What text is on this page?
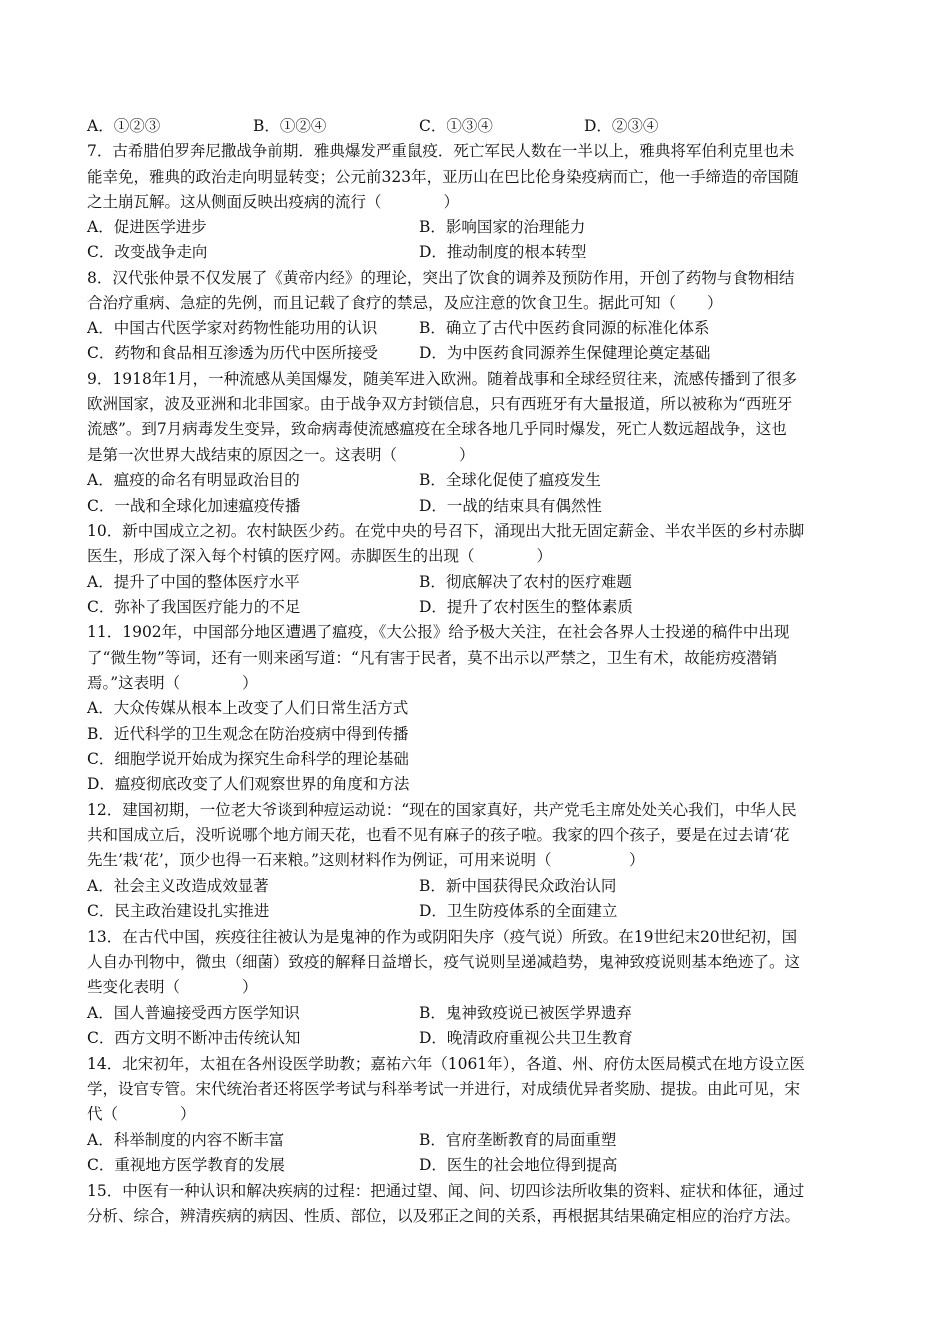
A．①②③	B．①②④	C．①③④	D．②③④
7．古希腊伯罗奔尼撒战争前期．雅典爆发严重鼠疫．死亡军民人数在一半以上，雅典将军伯利克里也未
能幸免，雅典的政治走向明显转变；公元前323年，亚历山在巴比伦身染疫病而亡，他一手缔造的帝国随
之土崩瓦解。这从侧面反映出疫病的流行（　　　　）
A．促进医学进步	B．影响国家的治理能力
C．改变战争走向	D．推动制度的根本转型
8．汉代张仲景不仅发展了《黄帝内经》的理论，突出了饮食的调养及预防作用，开创了药物与食物相结
合治疗重病、急症的先例，而且记载了食疗的禁忌，及应注意的饮食卫生。据此可知（　　）
A．中国古代医学家对药物性能功用的认识	B．确立了古代中医药食同源的标准化体系
C．药物和食品相互渗透为历代中医所接受	D．为中医药食同源养生保健理论奠定基础
9．1918年1月，一种流感从美国爆发，随美军进入欧洲。随着战事和全球经贸往来，流感传播到了很多
欧洲国家，波及亚洲和北非国家。由于战争双方封锁信息，只有西班牙有大量报道，所以被称为“西班牙
流感”。到7月病毒发生变异，致命病毒使流感瘟疫在全球各地几乎同时爆发，死亡人数远超战争，这也
是第一次世界大战结束的原因之一。这表明（　　　　）
A．瘟疫的命名有明显政治目的	B．全球化促使了瘟疫发生
C．一战和全球化加速瘟疫传播	D．一战的结束具有偶然性
10．新中国成立之初。农村缺医少药。在党中央的号召下，涌现出大批无固定薪金、半农半医的乡村赤脚
医生，形成了深入每个村镇的医疗网。赤脚医生的出现（　　　　）
A．提升了中国的整体医疗水平	B．彻底解决了农村的医疗难题
C．弥补了我国医疗能力的不足	D．提升了农村医生的整体素质
11．1902年，中国部分地区遭遇了瘟疫，《大公报》给予极大关注，在社会各界人士投递的稿件中出现
了“微生物”等词，还有一则来函写道：“凡有害于民者，莫不出示以严禁之，卫生有术，故能疠疫潜销
焉。”这表明（　　　　）
A．大众传媒从根本上改变了人们日常生活方式
B．近代科学的卫生观念在防治疫病中得到传播
C．细胞学说开始成为探究生命科学的理论基础
D．瘟疫彻底改变了人们观察世界的角度和方法
12．建国初期，一位老大爷谈到种痘运动说：“现在的国家真好，共产党毛主席处处关心我们，中华人民
共和国成立后，没听说哪个地方闹天花，也看不见有麻子的孩子啦。我家的四个孩子，要是在过去请‘花
先生’栽‘花’，顶少也得一石来粮。”这则材料作为例证，可用来说明（　　　　　）
A．社会主义改造成效显著	B．新中国获得民众政治认同
C．民主政治建设扎实推进	D．卫生防疫体系的全面建立
13．在古代中国，疾疫往往被认为是鬼神的作为或阴阳失序（疫气说）所致。在19世纪末20世纪初，国
人自办刊物中，微虫（细菌）致疫的解释日益增长，疫气说则呈递减趋势，鬼神致疫说则基本绝迹了。这
些变化表明（　　　　）
A．国人普遍接受西方医学知识	B．鬼神致疫说已被医学界遗弃
C．西方文明不断冲击传统认知	D．晚清政府重视公共卫生教育
14．北宋初年，太祖在各州设医学助教；嘉祐六年（1061年），各道、州、府仿太医局模式在地方设立医
学，设官专管。宋代统治者还将医学考试与科举考试一并进行，对成绩优异者奖励、提拔。由此可见，宋
代（　　　　）
A．科举制度的内容不断丰富	B．官府垄断教育的局面重塑
C．重视地方医学教育的发展	D．医生的社会地位得到提高
15．中医有一种认识和解决疾病的过程：把通过望、闻、问、切四诊法所收集的资料、症状和体征，通过
分析、综合，辨清疾病的病因、性质、部位，以及邪正之间的关系，再根据其结果确定相应的治疗方法。
